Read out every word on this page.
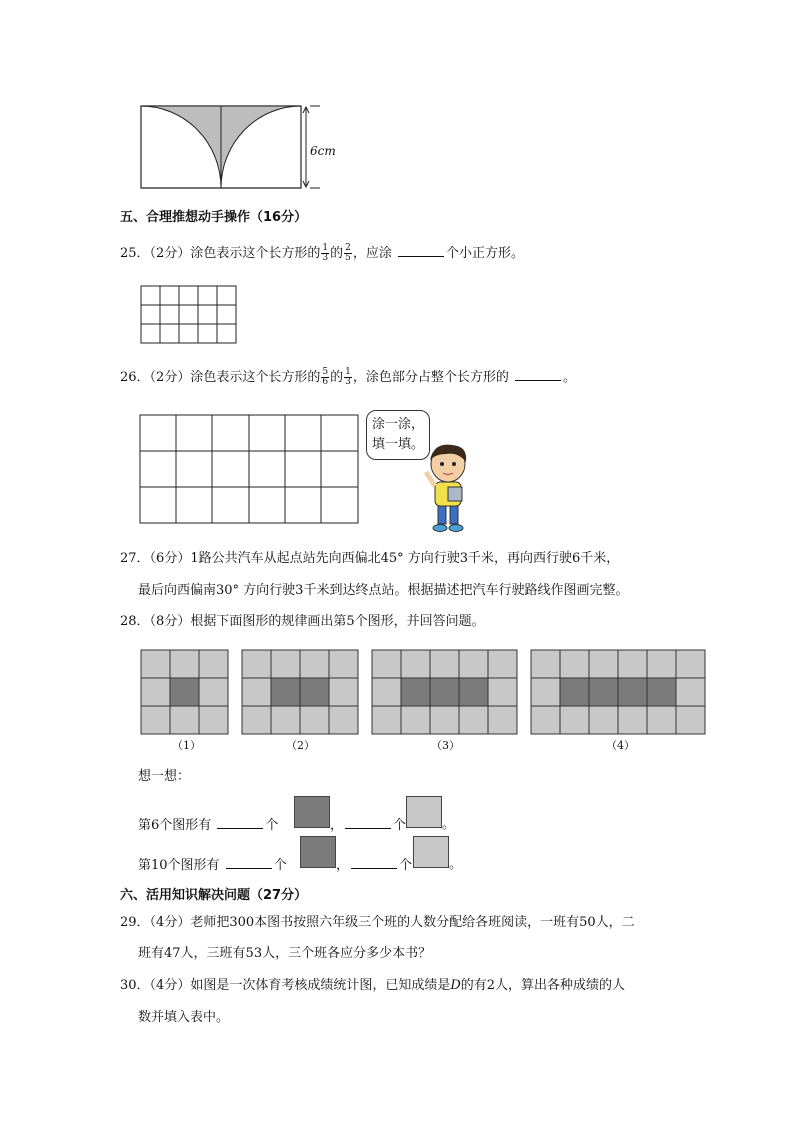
6cm
五、合理推想动手操作（16分）
25．（2分）涂色表示这个长方形的 $\frac{1}{3}$ 的 $\frac{2}{5}$ ，应涂	个小正方形。
26．（2分）涂色表示这个长方形的 $\frac{5}{6}$ 的 $\frac{1}{3}$ ，涂色部分占整个长方形的	。
涂一涂，
填一填。
27．（6分）1路公共汽车从起点站先向西偏北45° 方向行驶3千米，再向西行驶6千米，
最后向西偏南30° 方向行驶3千米到达终点站。根据描述把汽车行驶路线作图画完整。
28．（8分）根据下面图形的规律画出第5个图形，并回答问题。
（1）	（2）	（3）	（4）
想一想：
第6个图形有	个	，	个	。
第10个图形有	个	，	个	。
六、活用知识解决问题（27分）
29．（4分）老师把300本图书按照六年级三个班的人数分配给各班阅读，一班有50人，二
班有47人，三班有53人，三个班各应分多少本书？
30．（4分）如图是一次体育考核成绩统计图，已知成绩是D的有2人，算出各种成绩的人
数并填入表中。
